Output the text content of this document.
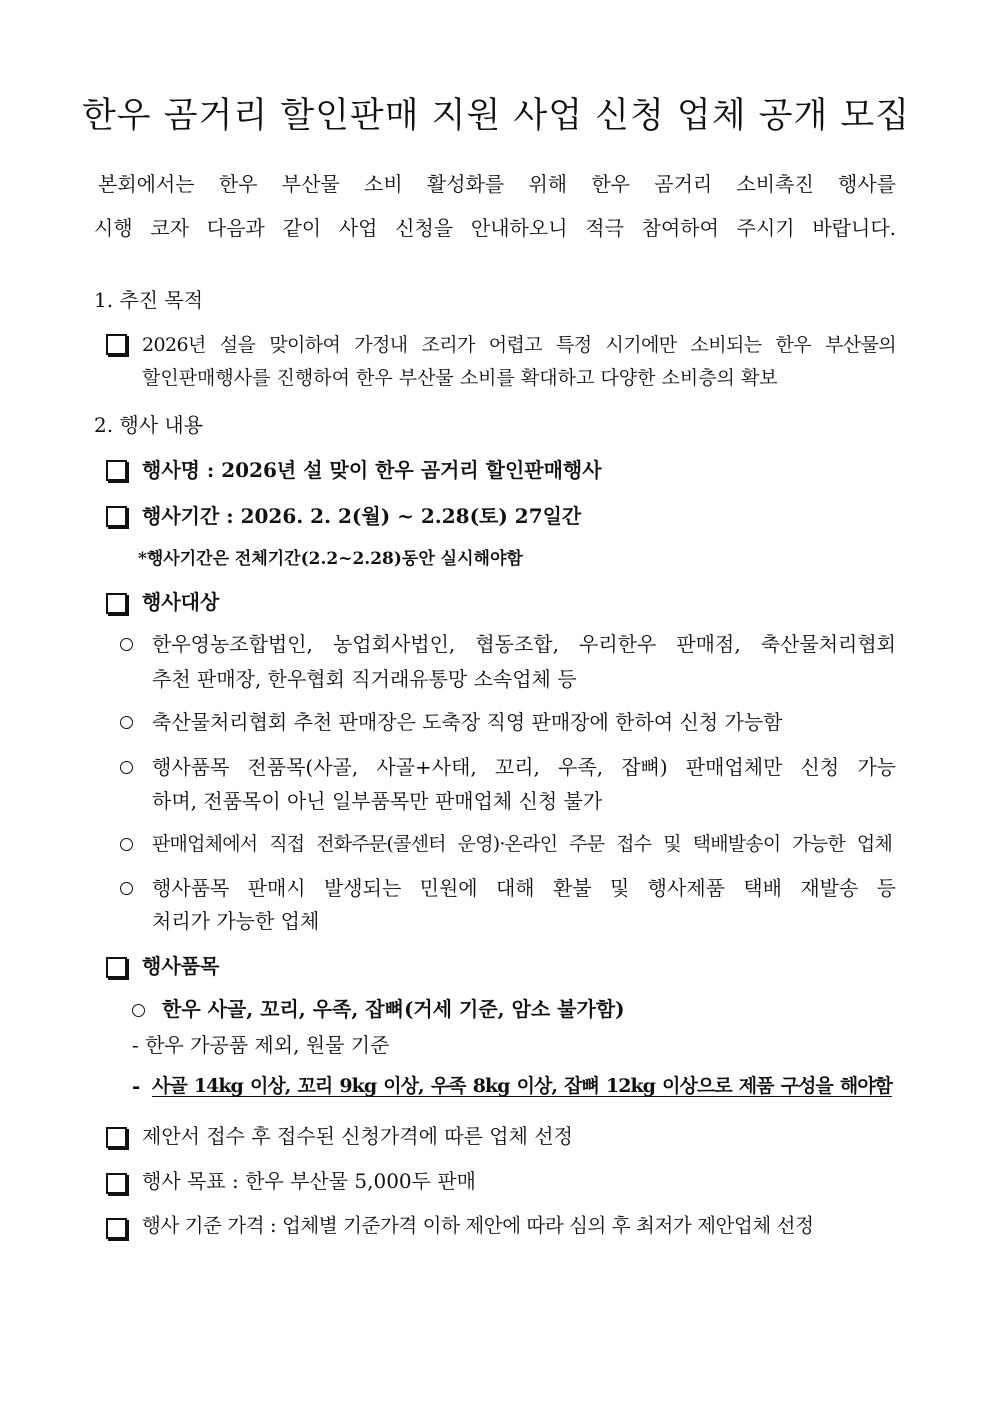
한우 곰거리 할인판매 지원 사업 신청 업체 공개 모집
본회에서는 한우 부산물 소비 활성화를 위해 한우 곰거리 소비촉진 행사를
시행 코자 다음과 같이 사업 신청을 안내하오니 적극 참여하여 주시기 바랍니다.
1. 추진 목적
2026년 설을 맞이하여 가정내 조리가 어렵고 특정 시기에만 소비되는 한우 부산물의
할인판매행사를 진행하여 한우 부산물 소비를 확대하고 다양한 소비층의 확보
2. 행사 내용
행사명 : 2026년 설 맞이 한우 곰거리 할인판매행사
행사기간 : 2026. 2. 2(월) ~ 2.28(토) 27일간
*행사기간은 전체기간(2.2~2.28)동안 실시해야함
행사대상
한우영농조합법인, 농업회사법인, 협동조합, 우리한우 판매점, 축산물처리협회
추천 판매장, 한우협회 직거래유통망 소속업체 등
축산물처리협회 추천 판매장은 도축장 직영 판매장에 한하여 신청 가능함
행사품목 전품목(사골, 사골+사태, 꼬리, 우족, 잡뼈) 판매업체만 신청 가능
하며, 전품목이 아닌 일부품목만 판매업체 신청 불가
판매업체에서 직접 전화주문(콜센터 운영)·온라인 주문 접수 및 택배발송이 가능한 업체
행사품목 판매시 발생되는 민원에 대해 환불 및 행사제품 택배 재발송 등
처리가 가능한 업체
행사품목
한우 사골, 꼬리, 우족, 잡뼈(거세 기준, 암소 불가함)
- 한우 가공품 제외, 원물 기준
- 사골 14kg 이상, 꼬리 9kg 이상, 우족 8kg 이상, 잡뼈 12kg 이상으로 제품 구성을 해야함
제안서 접수 후 접수된 신청가격에 따른 업체 선정
행사 목표 : 한우 부산물 5,000두 판매
행사 기준 가격 : 업체별 기준가격 이하 제안에 따라 심의 후 최저가 제안업체 선정
